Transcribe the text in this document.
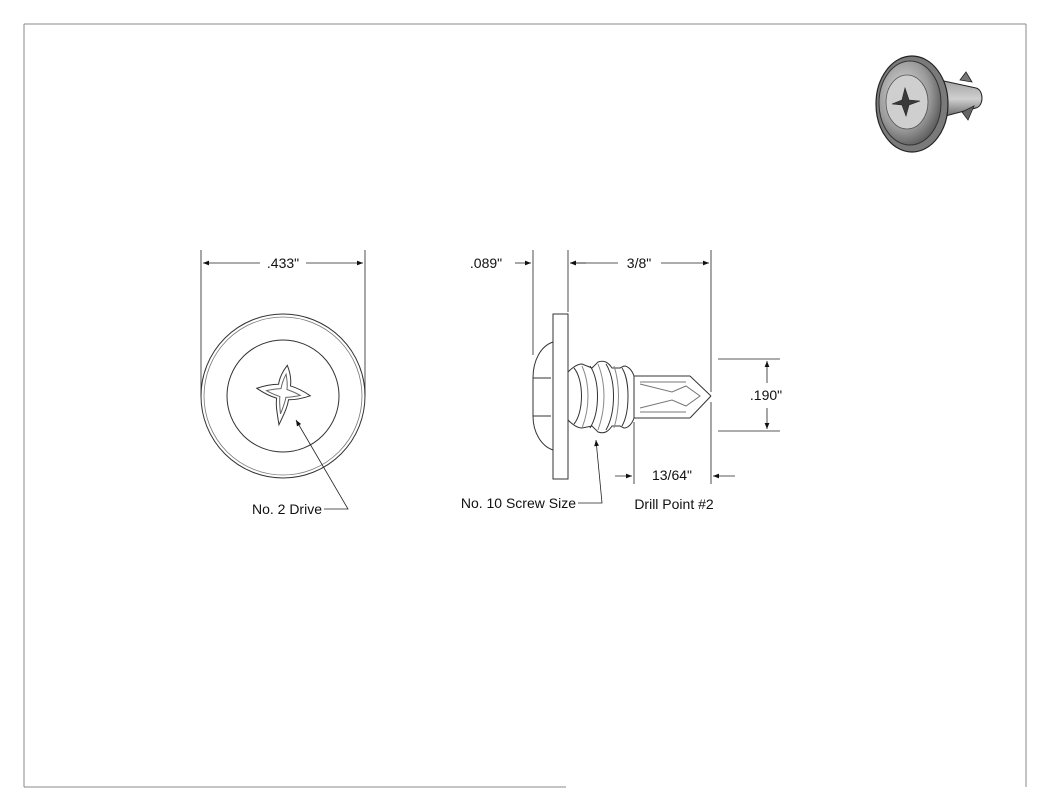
.433"
No. 2 Drive
.089"	3/8"
.190"
13/64"
Drill Point #2
No. 10 Screw Size
